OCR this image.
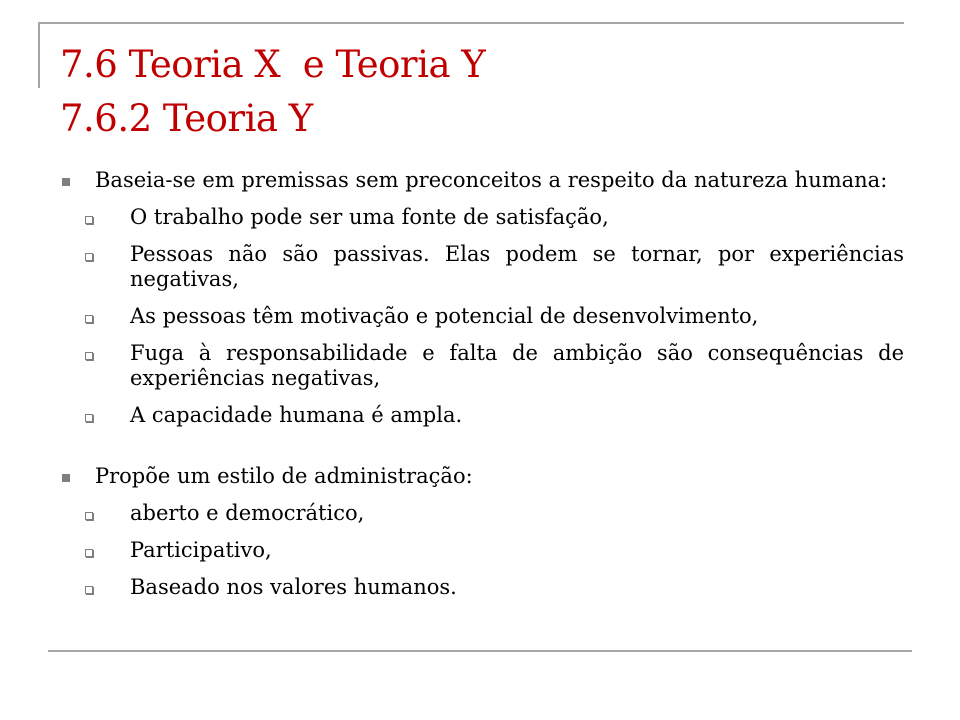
7.6 Teoria X  e Teoria Y
7.6.2 Teoria Y
Baseia-se em premissas sem preconceitos a respeito da natureza humana:
O trabalho pode ser uma fonte de satisfação,
Pessoas não são passivas. Elas podem se tornar, por experiências negativas,
As pessoas têm motivação e potencial de desenvolvimento,
Fuga à responsabilidade e falta de ambição são consequências de experiências negativas,
A capacidade humana é ampla.
Propõe um estilo de administração:
aberto e democrático,
Participativo,
Baseado nos valores humanos.
